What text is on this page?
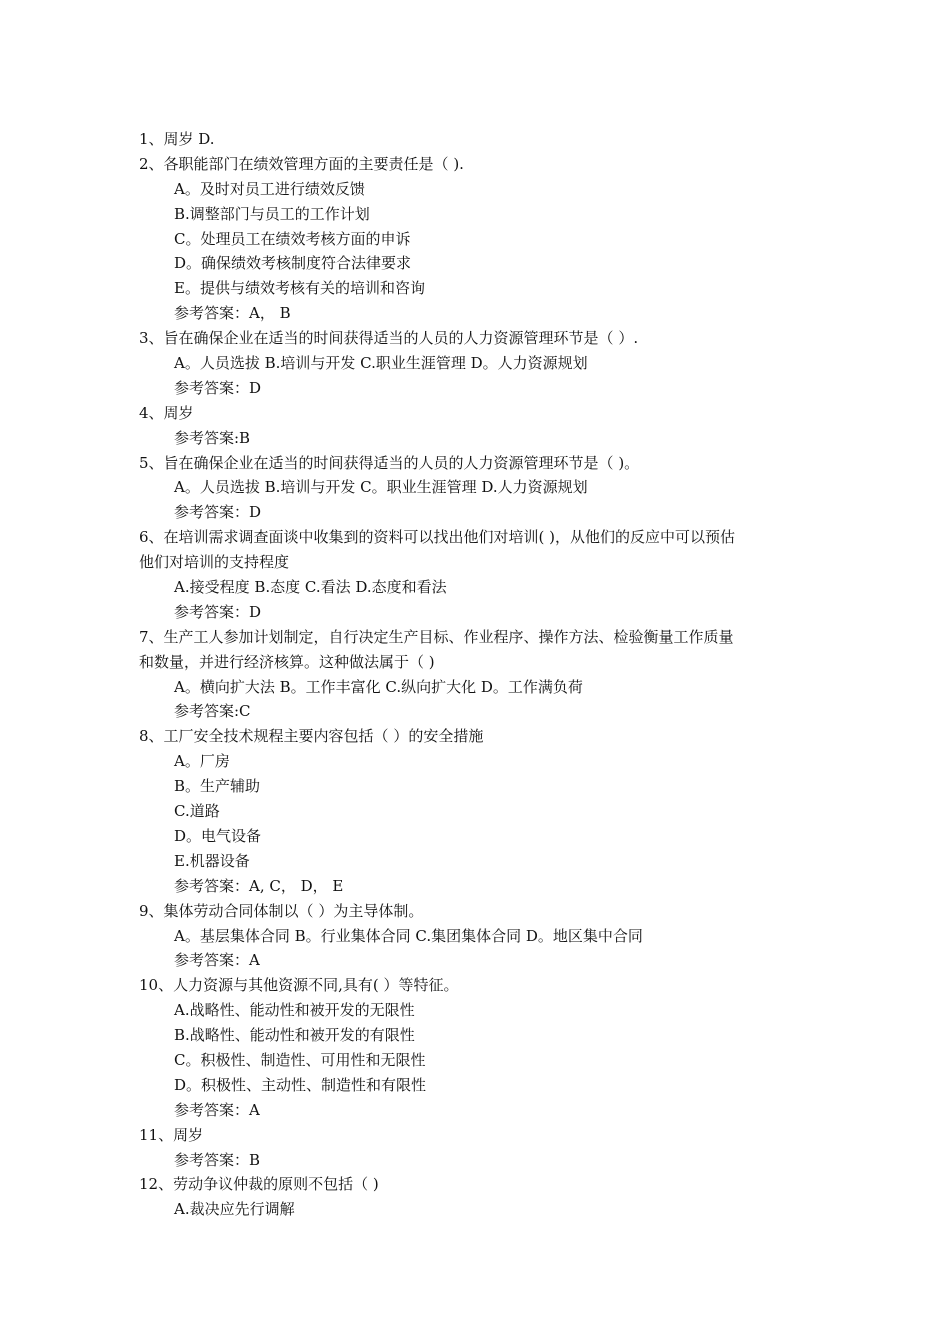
1、周岁 D.
2、各职能部门在绩效管理方面的主要责任是（ ).
A。及时对员工进行绩效反馈
B.调整部门与员工的工作计划
C。处理员工在绩效考核方面的申诉
D。确保绩效考核制度符合法律要求
E。提供与绩效考核有关的培训和咨询
参考答案：A， B
3、旨在确保企业在适当的时间获得适当的人员的人力资源管理环节是（ ）.
A。人员选拔 B.培训与开发 C.职业生涯管理 D。人力资源规划
参考答案：D
4、周岁
参考答案:B
5、旨在确保企业在适当的时间获得适当的人员的人力资源管理环节是（ )。
A。人员选拔 B.培训与开发 C。职业生涯管理 D.人力资源规划
参考答案：D
6、在培训需求调查面谈中收集到的资料可以找出他们对培训( )，从他们的反应中可以预估
他们对培训的支持程度
A.接受程度 B.态度 C.看法 D.态度和看法
参考答案：D
7、生产工人参加计划制定，自行决定生产目标、作业程序、操作方法、检验衡量工作质量
和数量，并进行经济核算。这种做法属于（ )
A。横向扩大法 B。工作丰富化 C.纵向扩大化 D。工作满负荷
参考答案:C
8、工厂安全技术规程主要内容包括（ ）的安全措施
A。厂房
B。生产辅助
C.道路
D。电气设备
E.机器设备
参考答案：A, C， D， E
9、集体劳动合同体制以（ ）为主导体制。
A。基层集体合同 B。行业集体合同 C.集团集体合同 D。地区集中合同
参考答案：A
10、人力资源与其他资源不同,具有( ）等特征。
A.战略性、能动性和被开发的无限性
B.战略性、能动性和被开发的有限性
C。积极性、制造性、可用性和无限性
D。积极性、主动性、制造性和有限性
参考答案：A
11、周岁
参考答案：B
12、劳动争议仲裁的原则不包括（ )
A.裁决应先行调解
